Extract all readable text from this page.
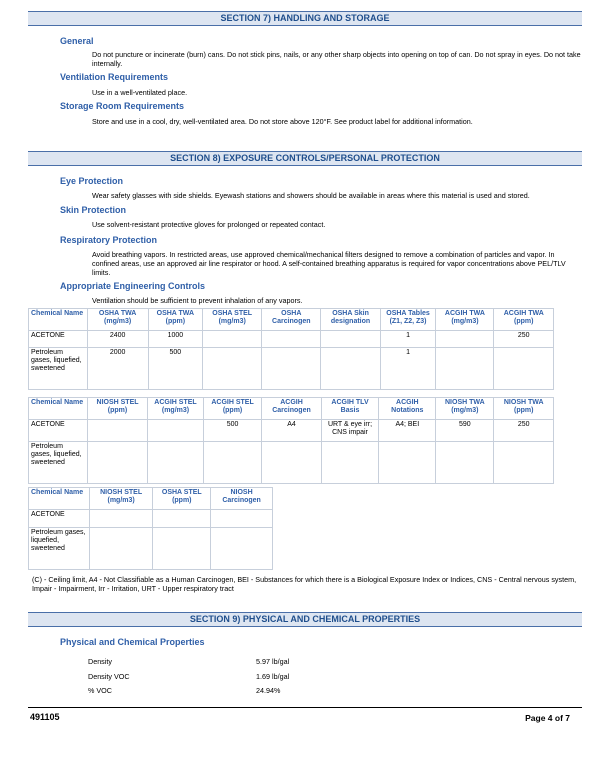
SECTION 7) HANDLING AND STORAGE
General
Do not puncture or incinerate (burn) cans. Do not stick pins, nails, or any other sharp objects into opening on top of can. Do not spray in eyes. Do not take internally.
Ventilation Requirements
Use in a well-ventilated place.
Storage Room Requirements
Store and use in a cool, dry, well-ventilated area. Do not store above 120°F. See product label for additional information.
SECTION 8) EXPOSURE CONTROLS/PERSONAL PROTECTION
Eye Protection
Wear safety glasses with side shields. Eyewash stations and showers should be available in areas where this material is used and stored.
Skin Protection
Use solvent-resistant protective gloves for prolonged or repeated contact.
Respiratory Protection
Avoid breathing vapors. In restricted areas, use approved chemical/mechanical filters designed to remove a combination of particles and vapor. In confined areas, use an approved air line respirator or hood. A self-contained breathing apparatus is required for vapor concentrations above PEL/TLV limits.
Appropriate Engineering Controls
Ventilation should be sufficient to prevent inhalation of any vapors.
Chemical Name	OSHA TWA (mg/m3)	OSHA TWA (ppm)	OSHA STEL (mg/m3)	OSHA Carcinogen	OSHA Skin designation	OSHA Tables (Z1, Z2, Z3)	ACGIH TWA (mg/m3)	ACGIH TWA (ppm)
ACETONE	2400	1000				1		250
Petroleum gases, liquefied, sweetened	2000	500				1		
Chemical Name	NIOSH STEL (ppm)	ACGIH STEL (mg/m3)	ACGIH STEL (ppm)	ACGIH Carcinogen	ACGIH TLV Basis	ACGIH Notations	NIOSH TWA (mg/m3)	NIOSH TWA (ppm)
ACETONE			500	A4	URT & eye irr; CNS impair	A4; BEI	590	250
Petroleum gases, liquefied, sweetened								
Chemical Name	NIOSH STEL (mg/m3)	OSHA STEL (ppm)	NIOSH Carcinogen
ACETONE			
Petroleum gases, liquefied, sweetened			
(C) - Ceiling limit, A4 - Not Classifiable as a Human Carcinogen, BEI - Substances for which there is a Biological Exposure Index or Indices, CNS - Central nervous system, Impair - Impairment, Irr - Irritation, URT - Upper respiratory tract
SECTION 9) PHYSICAL AND CHEMICAL PROPERTIES
Physical and Chemical Properties
Density	5.97 lb/gal
Density VOC	1.69 lb/gal
% VOC	24.94%
491105	Page 4 of 7
